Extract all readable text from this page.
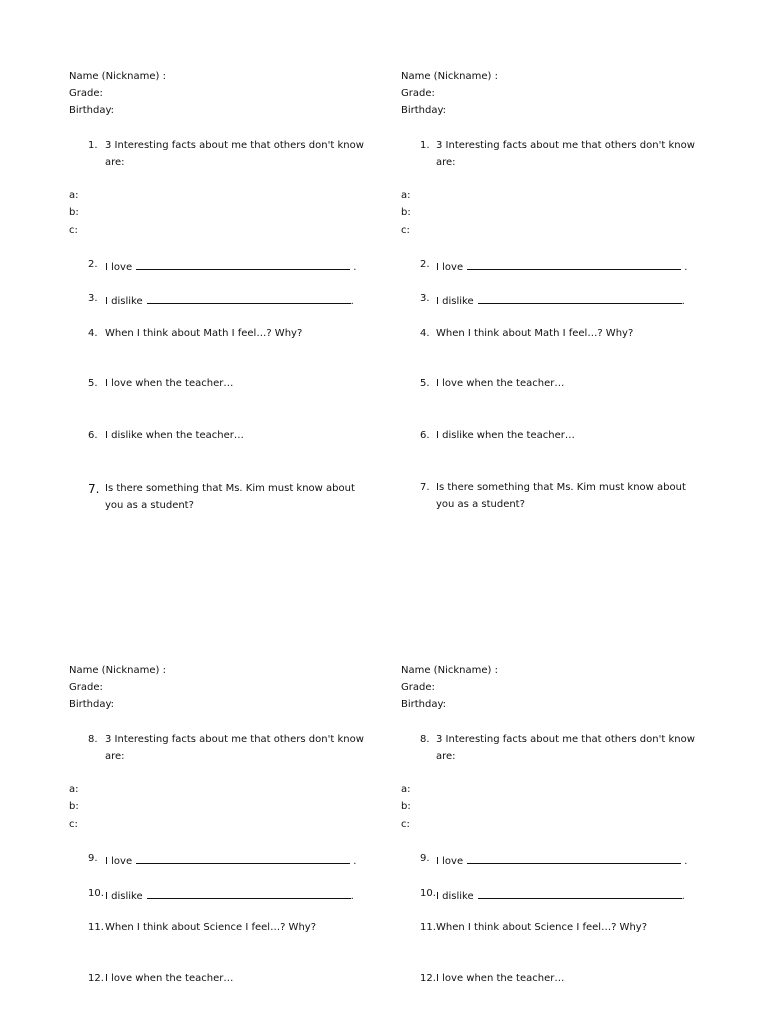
Name (Nickname) :
Grade:
Birthday:
1. 3 Interesting facts about me that others don't know
are:
a:
b:
c:
2. I love	.
3. I dislike	.
4. When I think about Math I feel…? Why?
5. I love when the teacher…
6. I dislike when the teacher…
7. Is there something that Ms. Kim must know about
you as a student?
Name (Nickname) :
Grade:
Birthday:
1. 3 Interesting facts about me that others don't know
are:
a:
b:
c:
2. I love	.
3. I dislike	.
4. When I think about Math I feel…? Why?
5. I love when the teacher…
6. I dislike when the teacher…
7. Is there something that Ms. Kim must know about
you as a student?
Name (Nickname) :
Grade:
Birthday:
8. 3 Interesting facts about me that others don't know
are:
a:
b:
c:
9. I love	.
10. I dislike	.
11. When I think about Science I feel…? Why?
12. I love when the teacher…
Name (Nickname) :
Grade:
Birthday:
8. 3 Interesting facts about me that others don't know
are:
a:
b:
c:
9. I love	.
10. I dislike	.
11. When I think about Science I feel…? Why?
12. I love when the teacher…
